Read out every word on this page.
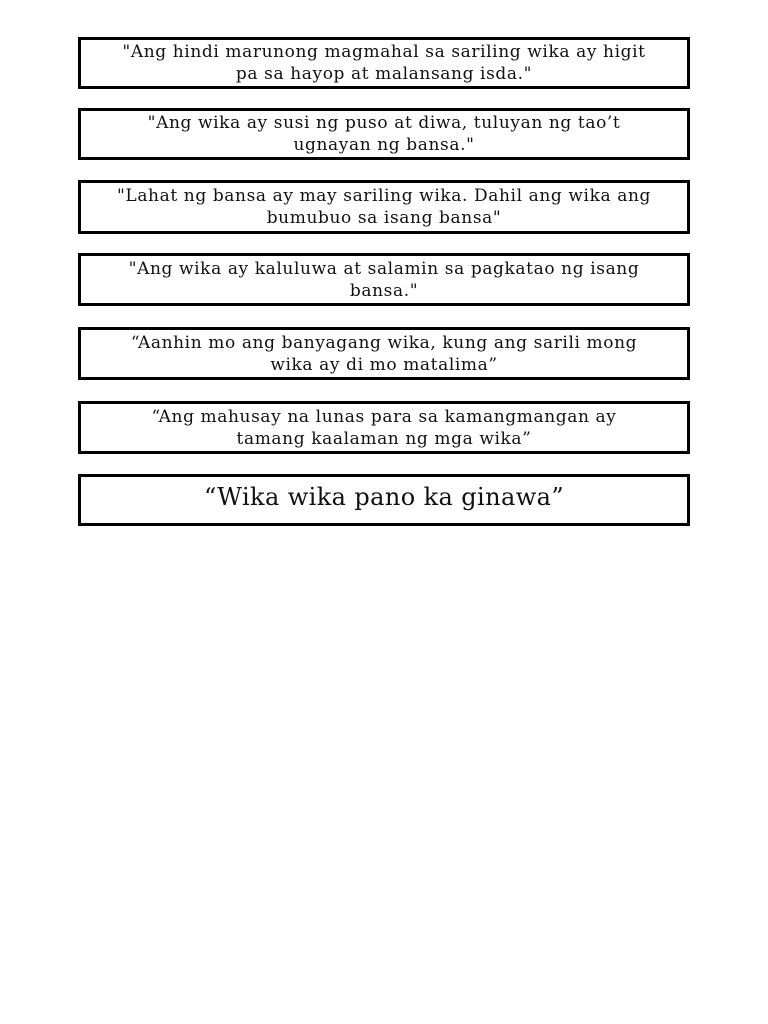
"Ang hindi marunong magmahal sa sariling wika ay higit
pa sa hayop at malansang isda."
"Ang wika ay susi ng puso at diwa, tuluyan ng tao’t
ugnayan ng bansa."
"Lahat ng bansa ay may sariling wika. Dahil ang wika ang
bumubuo sa isang bansa"
"Ang wika ay kaluluwa at salamin sa pagkatao ng isang
bansa."
“Aanhin mo ang banyagang wika, kung ang sarili mong
wika ay di mo matalima”
“Ang mahusay na lunas para sa kamangmangan ay
tamang kaalaman ng mga wika”
“Wika wika pano ka ginawa”
